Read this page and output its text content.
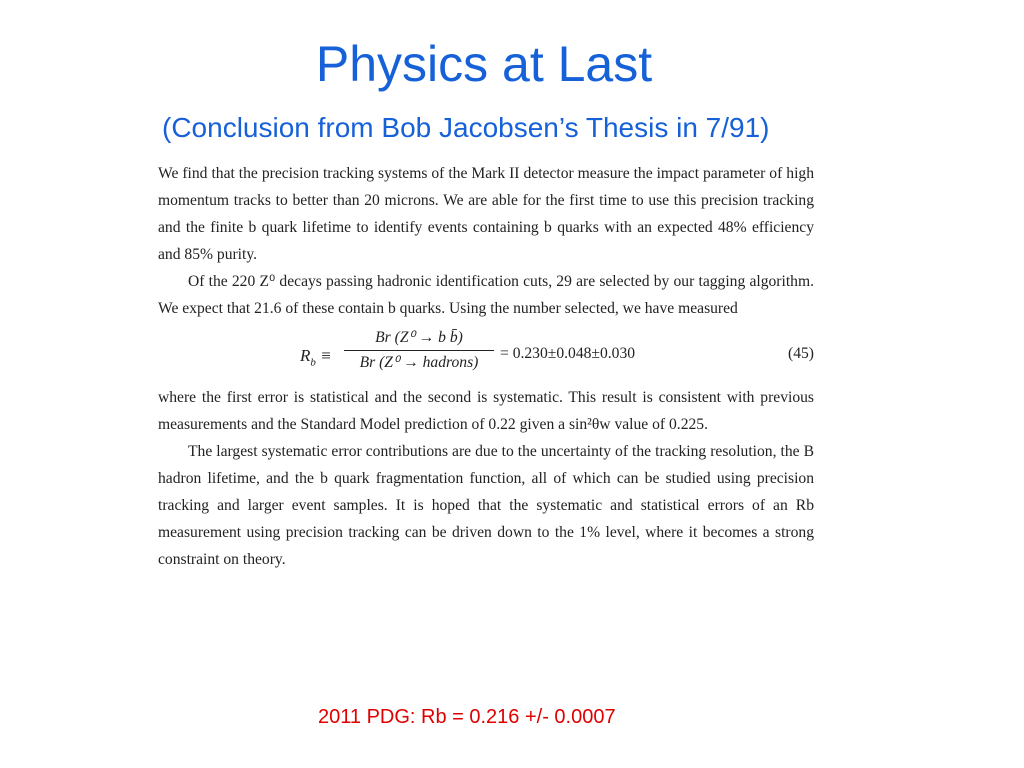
Physics at Last
(Conclusion from Bob Jacobsen’s Thesis in 7/91)

We find that the precision tracking systems of the Mark II detector measure the impact parameter of high momentum tracks to better than 20 microns. We are able for the first time to use this precision tracking and the finite b quark lifetime to identify events containing b quarks with an expected 48% efficiency and 85% purity.

Of the 220 Z⁰ decays passing hadronic identification cuts, 29 are selected by our tagging algorithm. We expect that 21.6 of these contain b quarks. Using the number selected, we have measured

$R_b$ ≡
Br (Z⁰ → b b̄)
Br (Z⁰ → hadrons)
= 0.230±0.048±0.030	(45)

where the first error is statistical and the second is systematic. This result is consistent with previous measurements and the Standard Model prediction of 0.22 given a sin²θw value of 0.225.

The largest systematic error contributions are due to the uncertainty of the tracking resolution, the B hadron lifetime, and the b quark fragmentation function, all of which can be studied using precision tracking and larger event samples. It is hoped that the systematic and statistical errors of an Rb measurement using precision tracking can be driven down to the 1% level, where it becomes a strong constraint on theory.

2011 PDG: Rb = 0.216 +/- 0.0007
